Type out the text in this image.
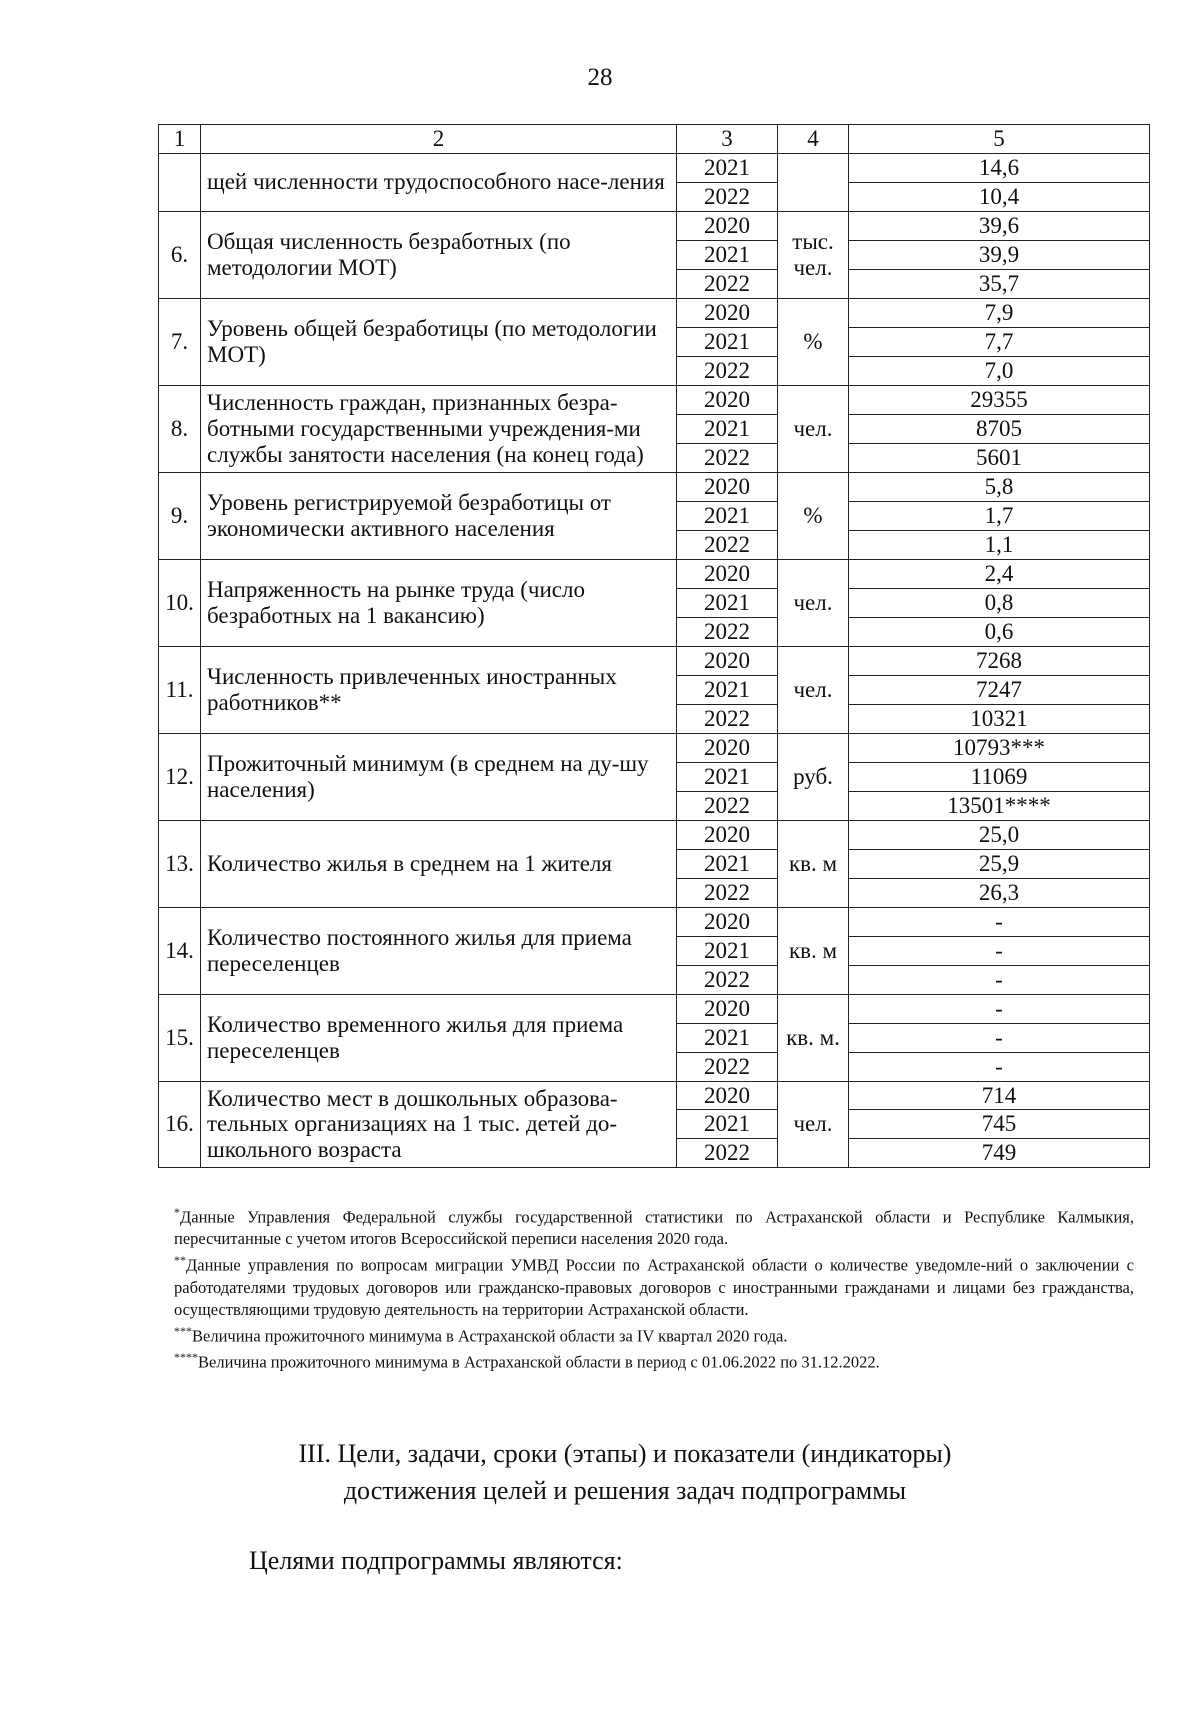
28
1	2	3	4	5
	щей численности трудоспособного насе-ления	2021		14,6
		2022		10,4
6.	Общая численность безработных (по методологии МОТ)	2020	тыс. чел.	39,6
		2021		39,9
		2022		35,7
7.	Уровень общей безработицы (по методологии МОТ)	2020	%	7,9
		2021		7,7
		2022		7,0
8.	Численность граждан, признанных безра-ботными государственными учреждения-ми службы занятости населения (на конец года)	2020	чел.	29355
		2021		8705
		2022		5601
9.	Уровень регистрируемой безработицы от экономически активного населения	2020	%	5,8
		2021		1,7
		2022		1,1
10.	Напряженность на рынке труда (число безработных на 1 вакансию)	2020	чел.	2,4
		2021		0,8
		2022		0,6
11.	Численность привлеченных иностранных работников**	2020	чел.	7268
		2021		7247
		2022		10321
12.	Прожиточный минимум (в среднем на ду-шу населения)	2020	руб.	10793***
		2021		11069
		2022		13501****
13.	Количество жилья в среднем на 1 жителя	2020	кв. м	25,0
		2021		25,9
		2022		26,3
14.	Количество постоянного жилья для приема переселенцев	2020	кв. м	-
		2021		-
		2022		-
15.	Количество временного жилья для приема переселенцев	2020	кв. м.	-
		2021		-
		2022		-
16.	Количество мест в дошкольных образова-тельных организациях на 1 тыс. детей до-школьного возраста	2020	чел.	714
		2021		745
		2022		749

*Данные Управления Федеральной службы государственной статистики по Астраханской области и Республике Калмыкия, пересчитанные с учетом итогов Всероссийской переписи населения 2020 года.

**Данные управления по вопросам миграции УМВД России по Астраханской области о количестве уведомле-ний о заключении с работодателями трудовых договоров или гражданско-правовых договоров с иностранными гражданами и лицами без гражданства, осуществляющими трудовую деятельность на территории Астраханской области.

***Величина прожиточного минимума в Астраханской области за IV квартал 2020 года.

****Величина прожиточного минимума в Астраханской области в период с 01.06.2022 по 31.12.2022.

III. Цели, задачи, сроки (этапы) и показатели (индикаторы)
достижения целей и решения задач подпрограммы
Целями подпрограммы являются:
